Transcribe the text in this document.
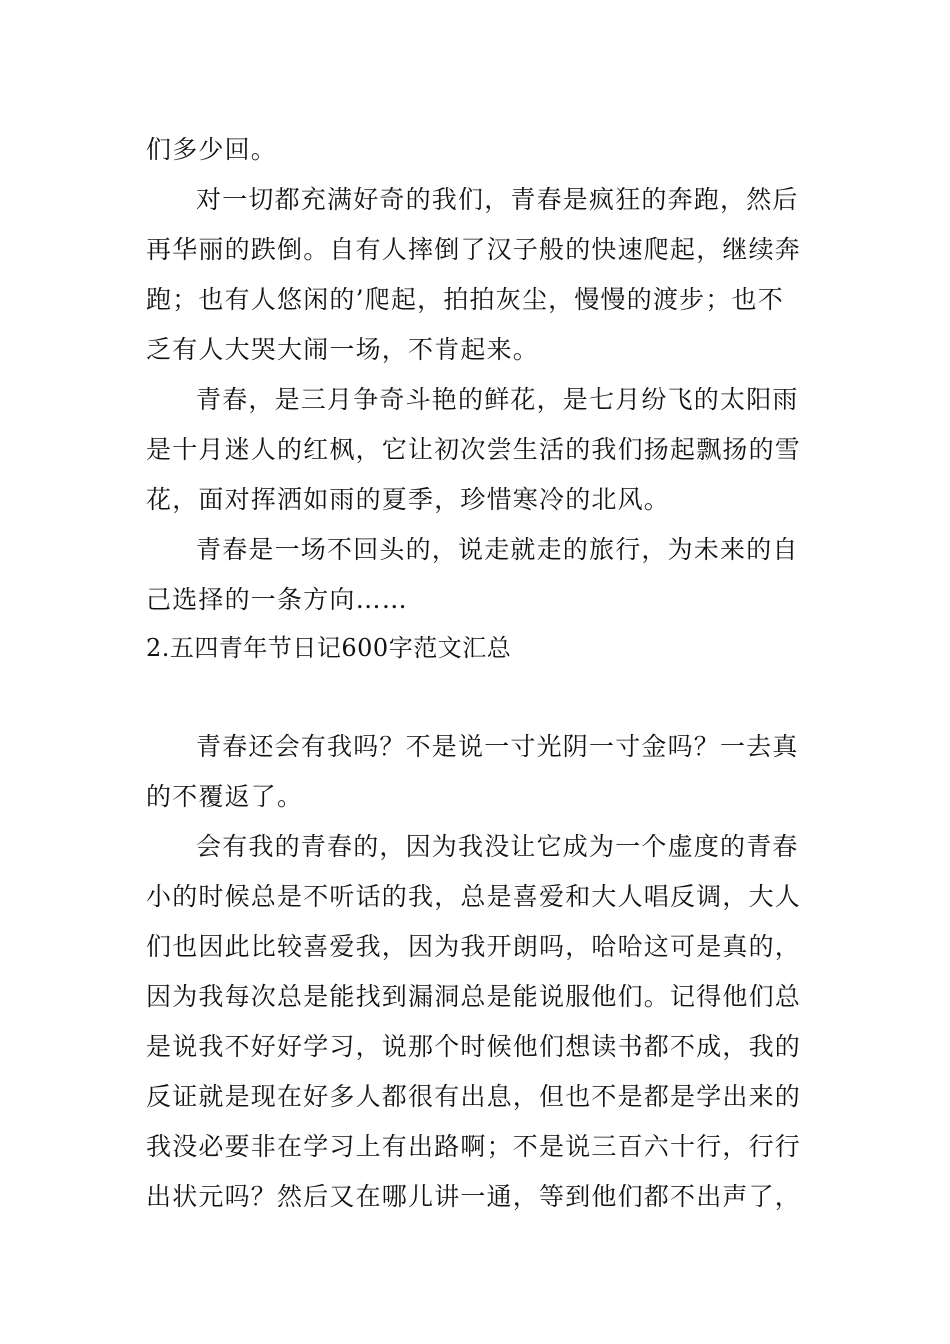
们多少回。

对一切都充满好奇的我们，青春是疯狂的奔跑，然后

再华丽的跌倒。自有人摔倒了汉子般的快速爬起，继续奔

跑；也有人悠闲的’爬起，拍拍灰尘，慢慢的渡步；也不

乏有人大哭大闹一场，不肯起来。

青春，是三月争奇斗艳的鲜花，是七月纷飞的太阳雨

是十月迷人的红枫，它让初次尝生活的我们扬起飘扬的雪

花，面对挥洒如雨的夏季，珍惜寒冷的北风。

青春是一场不回头的，说走就走的旅行，为未来的自

己选择的一条方向……

2.五四青年节日记600字范文汇总

青春还会有我吗？不是说一寸光阴一寸金吗？一去真

的不覆返了。

会有我的青春的，因为我没让它成为一个虚度的青春

小的时候总是不听话的我，总是喜爱和大人唱反调，大人

们也因此比较喜爱我，因为我开朗吗，哈哈这可是真的，

因为我每次总是能找到漏洞总是能说服他们。记得他们总

是说我不好好学习，说那个时候他们想读书都不成，我的

反证就是现在好多人都很有出息，但也不是都是学出来的

我没必要非在学习上有出路啊；不是说三百六十行，行行

出状元吗？然后又在哪儿讲一通，等到他们都不出声了，
